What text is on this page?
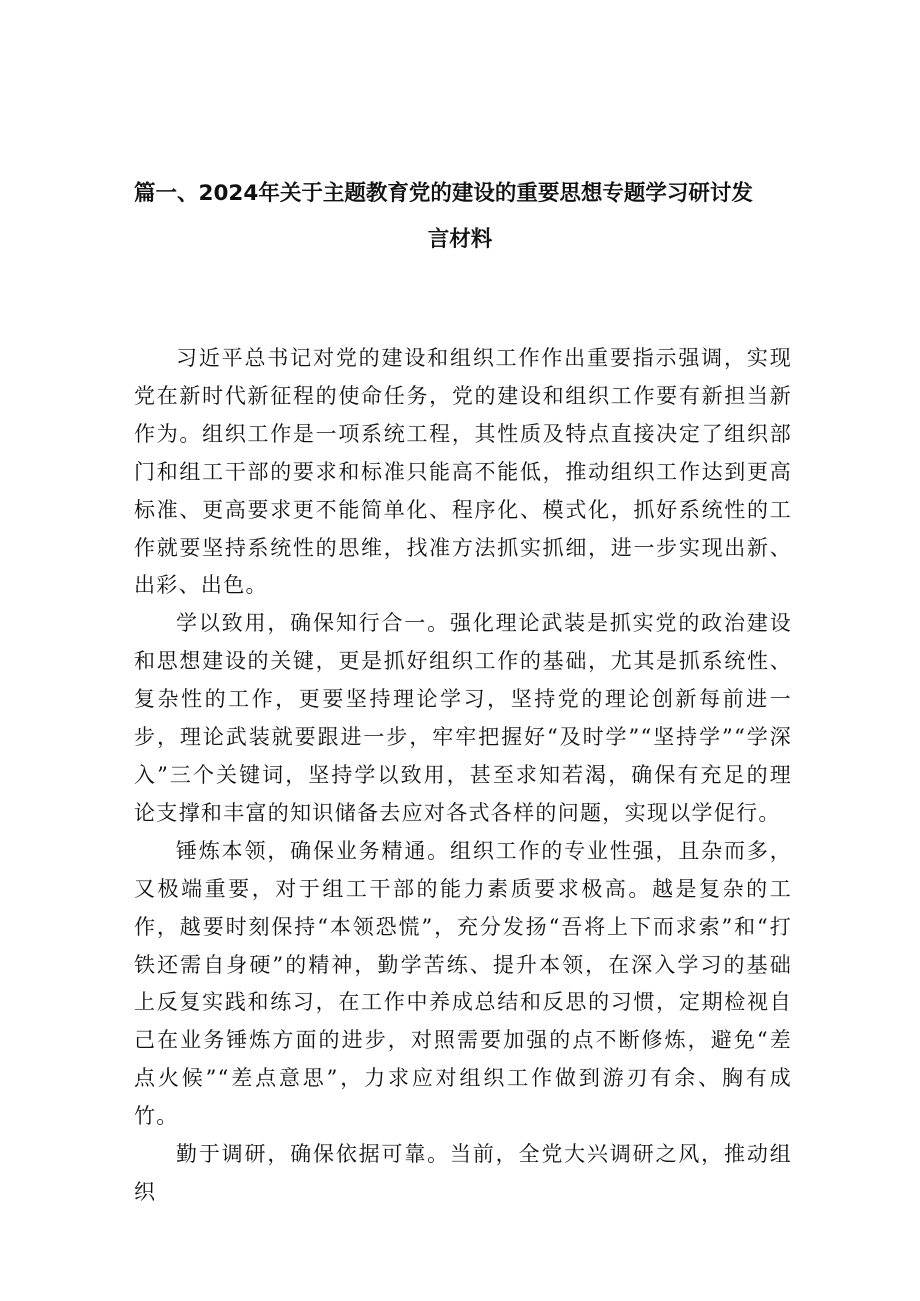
篇一、2024年关于主题教育党的建设的重要思想专题学习研讨发
言材料

习近平总书记对党的建设和组织工作作出重要指示强调，实现党在新时代新征程的使命任务，党的建设和组织工作要有新担当新作为。组织工作是一项系统工程，其性质及特点直接决定了组织部门和组工干部的要求和标准只能高不能低，推动组织工作达到更高标准、更高要求更不能简单化、程序化、模式化，抓好系统性的工作就要坚持系统性的思维，找准方法抓实抓细，进一步实现出新、出彩、出色。

学以致用，确保知行合一。强化理论武装是抓实党的政治建设和思想建设的关键，更是抓好组织工作的基础，尤其是抓系统性、复杂性的工作，更要坚持理论学习，坚持党的理论创新每前进一步，理论武装就要跟进一步，牢牢把握好“及时学”“坚持学”“学深入”三个关键词，坚持学以致用，甚至求知若渴，确保有充足的理论支撑和丰富的知识储备去应对各式各样的问题，实现以学促行。

锤炼本领，确保业务精通。组织工作的专业性强，且杂而多，又极端重要，对于组工干部的能力素质要求极高。越是复杂的工作，越要时刻保持“本领恐慌”，充分发扬“吾将上下而求索”和“打铁还需自身硬”的精神，勤学苦练、提升本领，在深入学习的基础上反复实践和练习，在工作中养成总结和反思的习惯，定期检视自己在业务锤炼方面的进步，对照需要加强的点不断修炼，避免“差点火候”“差点意思”，力求应对组织工作做到游刃有余、胸有成竹。

勤于调研，确保依据可靠。当前，全党大兴调研之风，推动组织
